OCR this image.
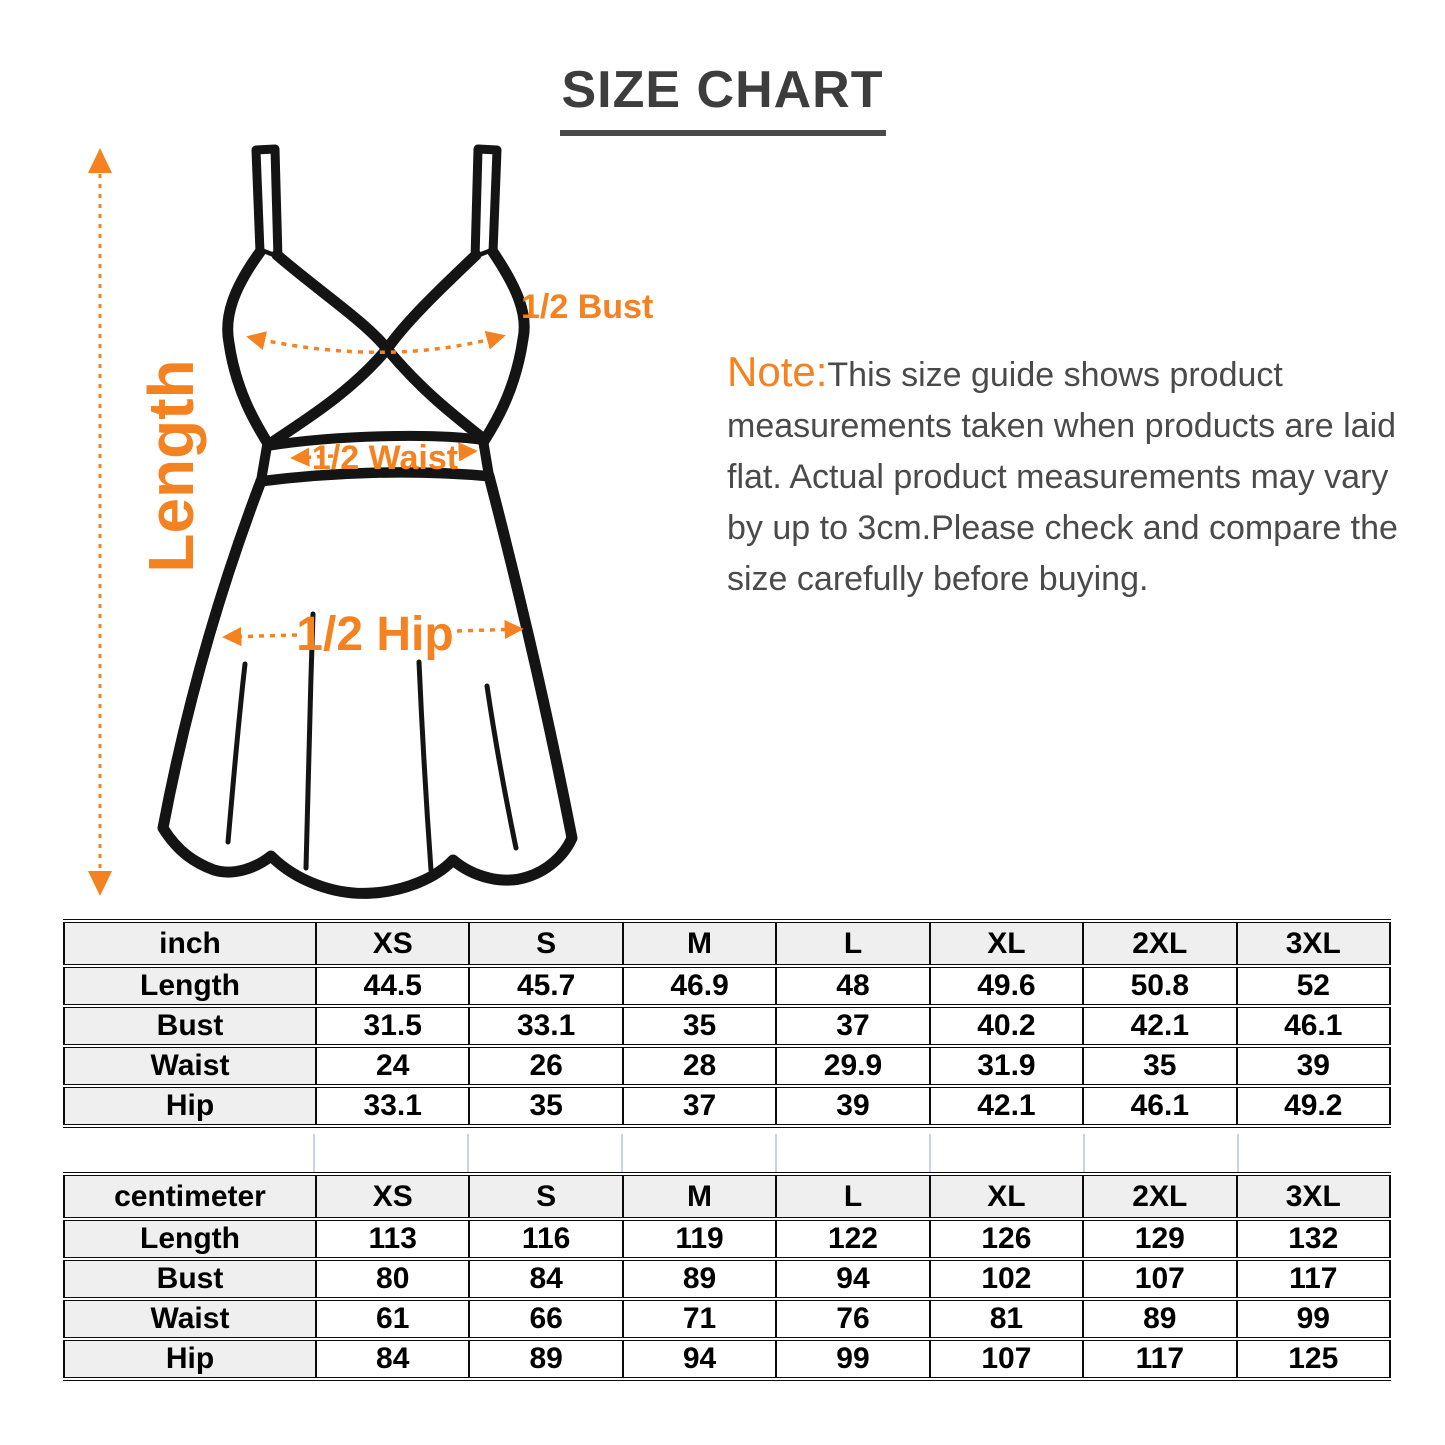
SIZE CHART
Length
1/2 Bust
1/2 Waist
1/2 Hip

Note:This size guide shows product measurements taken when products are laid flat. Actual product measurements may vary by up to 3cm.Please check and compare the size carefully before buying.

inch	XS	S	M	L	XL	2XL	3XL
Length	44.5	45.7	46.9	48	49.6	50.8	52
Bust	31.5	33.1	35	37	40.2	42.1	46.1
Waist	24	26	28	29.9	31.9	35	39
Hip	33.1	35	37	39	42.1	46.1	49.2
centimeter	XS	S	M	L	XL	2XL	3XL
Length	113	116	119	122	126	129	132
Bust	80	84	89	94	102	107	117
Waist	61	66	71	76	81	89	99
Hip	84	89	94	99	107	117	125
